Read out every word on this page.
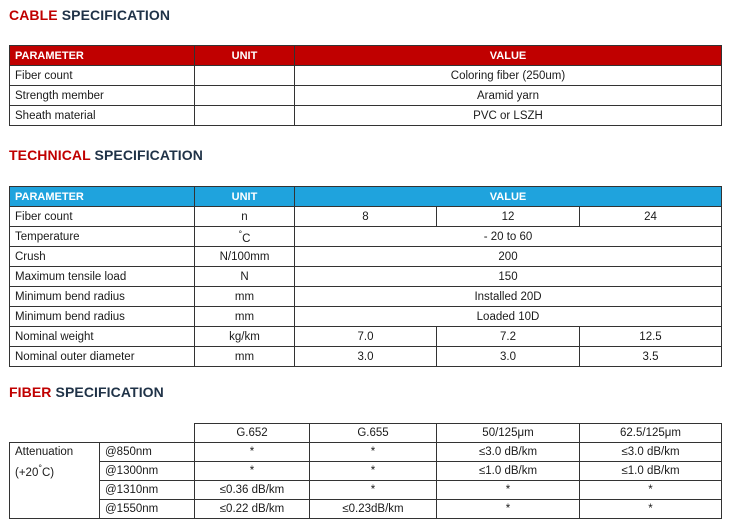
CABLE SPECIFICATION
PARAMETER	UNIT	VALUE
Fiber count		Coloring fiber (250um)
Strength member		Aramid yarn
Sheath material		PVC or LSZH
TECHNICAL SPECIFICATION
PARAMETER	UNIT	VALUE		
Fiber count	n	8	12	24
Temperature	°C	- 20 to 60		
Crush	N/100mm	200		
Maximum tensile load	N	150		
Minimum bend radius	mm	Installed 20D		
Minimum bend radius	mm	Loaded 10D		
Nominal weight	kg/km	7.0	7.2	12.5
Nominal outer diameter	mm	3.0	3.0	3.5
FIBER SPECIFICATION
		G.652	G.655	50/125μm	62.5/125μm
Attenuation	@850nm	*	*	≤3.0 dB/km	≤3.0 dB/km
(+20°C)	@1300nm	*	*	≤1.0 dB/km	≤1.0 dB/km
	@1310nm	≤0.36 dB/km	*	*	*
	@1550nm	≤0.22 dB/km	≤0.23dB/km	*	*
